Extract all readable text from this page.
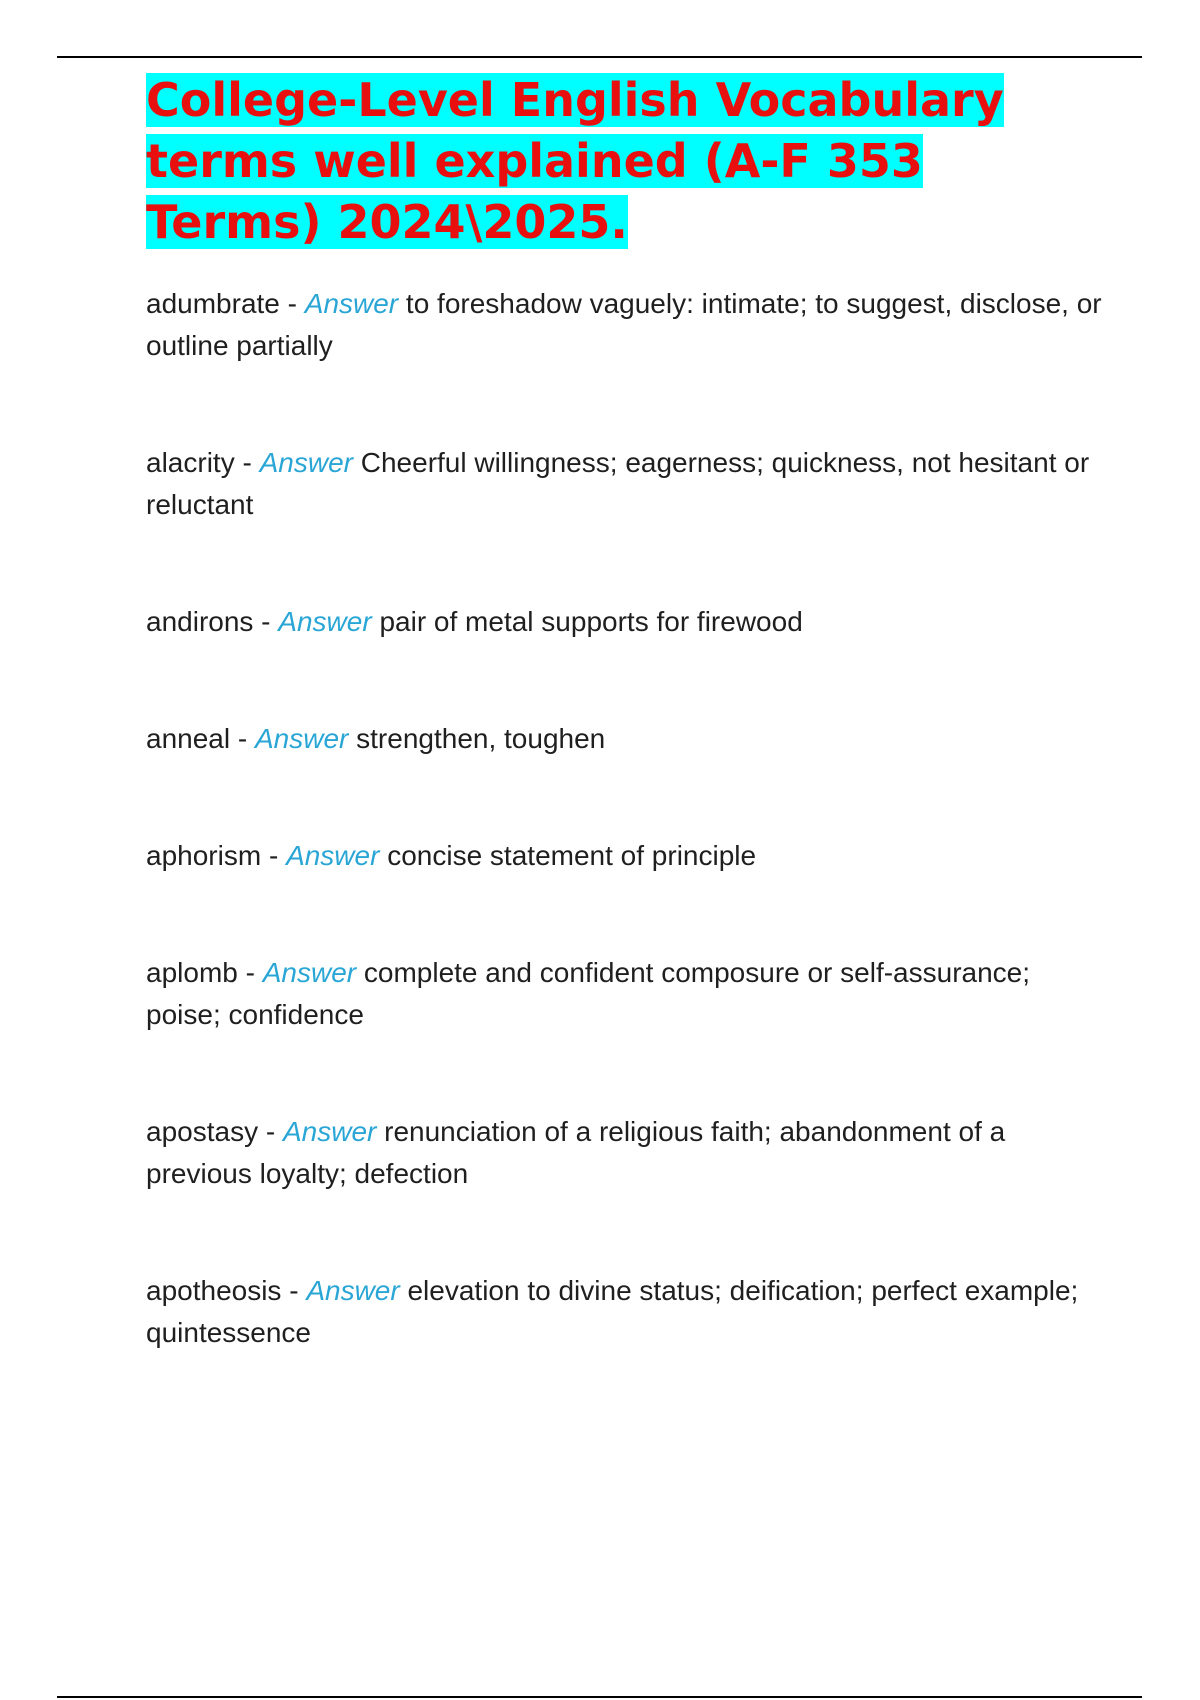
College-Level English Vocabulary terms well explained (A-F 353 Terms) 2024\2025.
adumbrate - Answer to foreshadow vaguely: intimate; to suggest, disclose, or outline partially
alacrity - Answer Cheerful willingness; eagerness; quickness, not hesitant or reluctant
andirons - Answer pair of metal supports for firewood
anneal - Answer strengthen, toughen
aphorism - Answer concise statement of principle
aplomb - Answer complete and confident composure or self-assurance; poise; confidence
apostasy - Answer renunciation of a religious faith; abandonment of a previous loyalty; defection
apotheosis - Answer elevation to divine status; deification; perfect example; quintessence
